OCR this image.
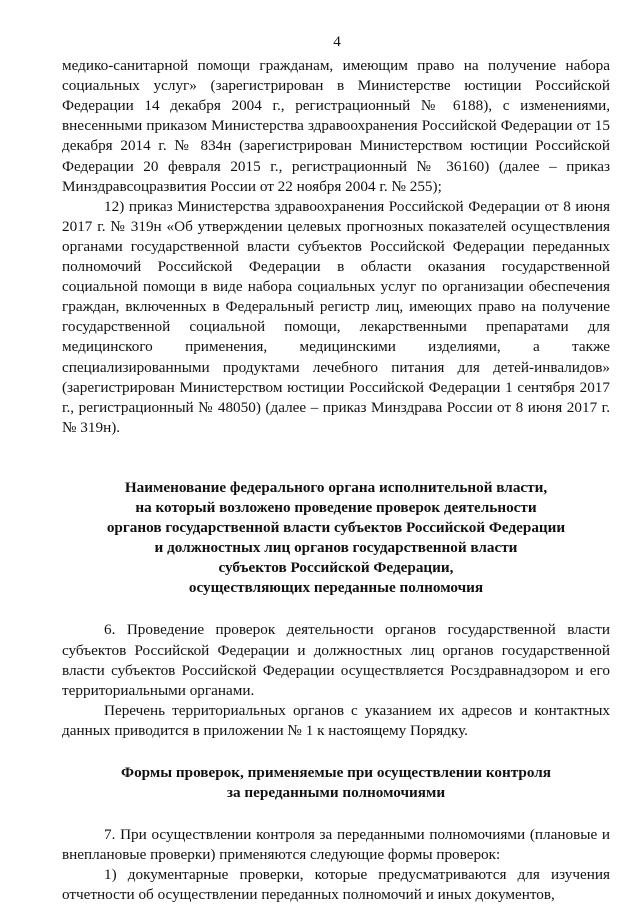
4

медико-санитарной помощи гражданам, имеющим право на получение набора социальных услуг» (зарегистрирован в Министерстве юстиции Российской Федерации 14 декабря 2004 г., регистрационный № 6188), с изменениями, внесенными приказом Министерства здравоохранения Российской Федерации от 15 декабря 2014 г. № 834н (зарегистрирован Министерством юстиции Российской Федерации 20 февраля 2015 г., регистрационный № 36160) (далее – приказ Минздравсоцразвития России от 22 ноября 2004 г. № 255);

12) приказ Министерства здравоохранения Российской Федерации от 8 июня 2017 г. № 319н «Об утверждении целевых прогнозных показателей осуществления органами государственной власти субъектов Российской Федерации переданных полномочий Российской Федерации в области оказания государственной социальной помощи в виде набора социальных услуг по организации обеспечения граждан, включенных в Федеральный регистр лиц, имеющих право на получение государственной социальной помощи, лекарственными препаратами для медицинского применения, медицинскими изделиями, а также специализированными продуктами лечебного питания для детей-инвалидов» (зарегистрирован Министерством юстиции Российской Федерации 1 сентября 2017 г., регистрационный № 48050) (далее – приказ Минздрава России от 8 июня 2017 г. № 319н).

Наименование федерального органа исполнительной власти,
на который возложено проведение проверок деятельности
органов государственной власти субъектов Российской Федерации
и должностных лиц органов государственной власти
субъектов Российской Федерации,
осуществляющих переданные полномочия

6. Проведение проверок деятельности органов государственной власти субъектов Российской Федерации и должностных лиц органов государственной власти субъектов Российской Федерации осуществляется Росздравнадзором и его территориальными органами.

Перечень территориальных органов с указанием их адресов и контактных данных приводится в приложении № 1 к настоящему Порядку.

Формы проверок, применяемые при осуществлении контроля
за переданными полномочиями

7. При осуществлении контроля за переданными полномочиями (плановые и внеплановые проверки) применяются следующие формы проверок:

1) документарные проверки, которые предусматриваются для изучения отчетности об осуществлении переданных полномочий и иных документов,
